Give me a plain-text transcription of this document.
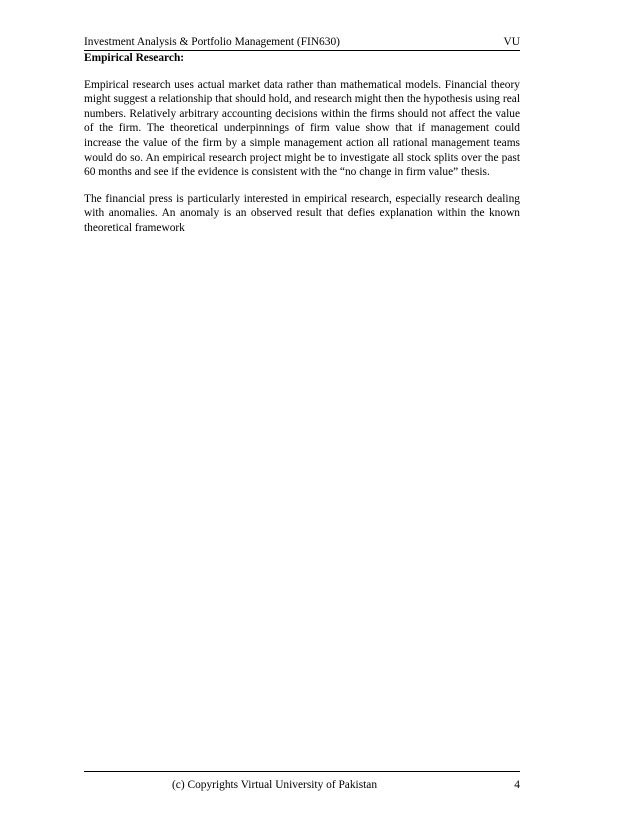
Investment Analysis & Portfolio Management (FIN630)	VU
Empirical Research:

Empirical research uses actual market data rather than mathematical models. Financial theory might suggest a relationship that should hold, and research might then the hypothesis using real numbers. Relatively arbitrary accounting decisions within the firms should not affect the value of the firm. The theoretical underpinnings of firm value show that if management could increase the value of the firm by a simple management action all rational management teams would do so. An empirical research project might be to investigate all stock splits over the past 60 months and see if the evidence is consistent with the “no change in firm value” thesis.

The financial press is particularly interested in empirical research, especially research dealing with anomalies. An anomaly is an observed result that defies explanation within the known theoretical framework

(c) Copyrights Virtual University of Pakistan	4
